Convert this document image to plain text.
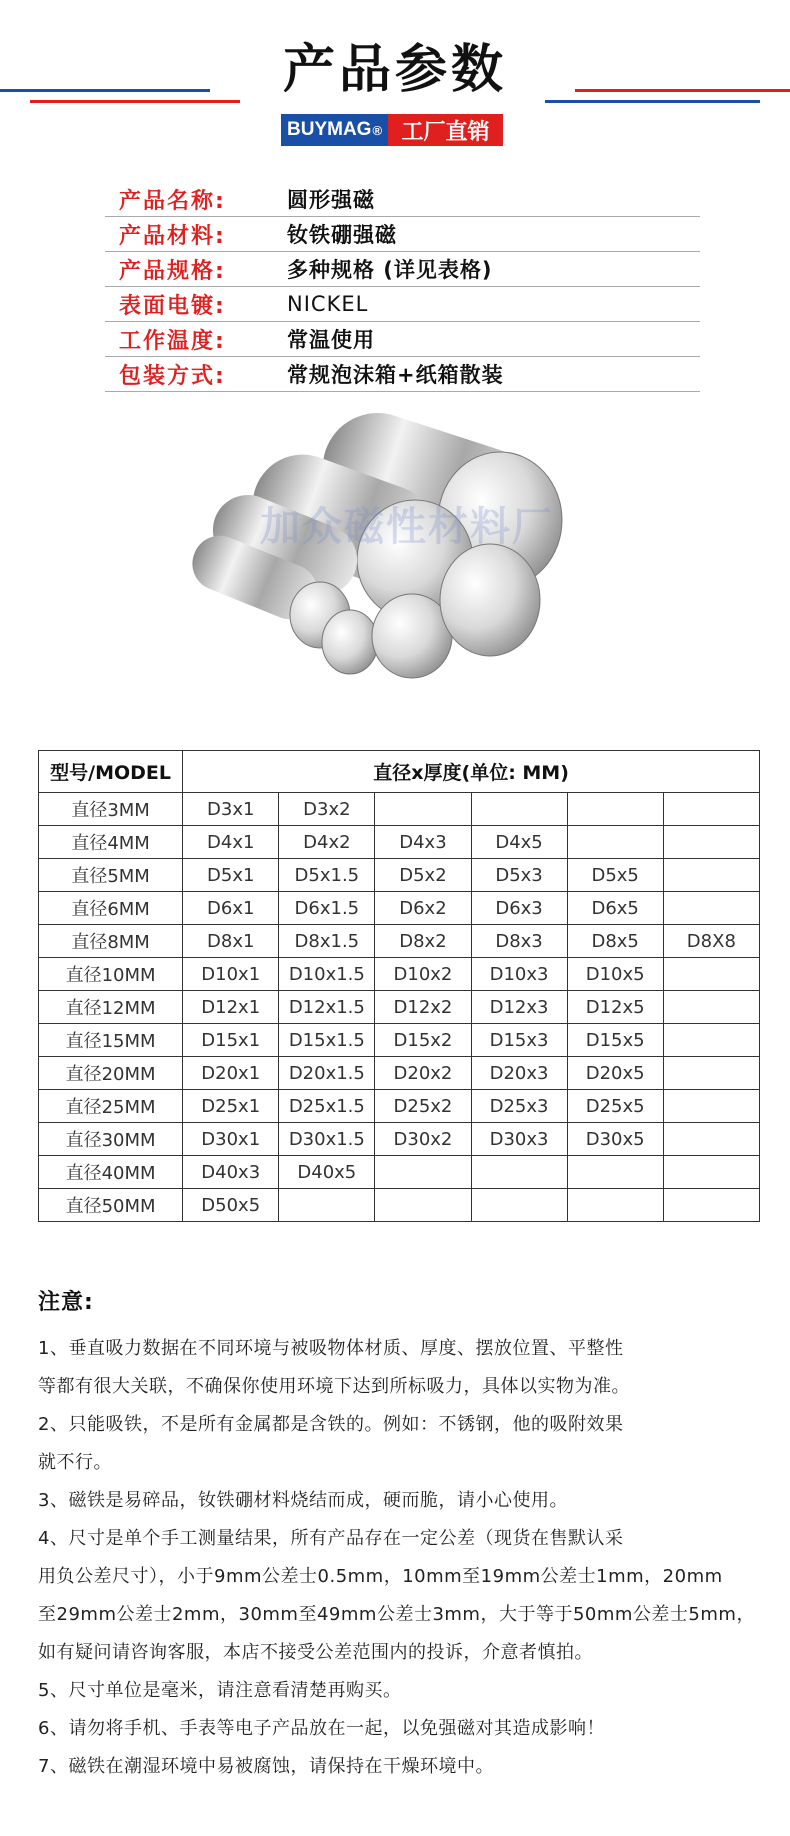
产品参数
BUYMAG ® 工厂直销
产品名称:	圆形强磁
产品材料:	钕铁硼强磁
产品规格:	多种规格 (详见表格)
表面电镀:	NICKEL
工作温度:	常温使用
包装方式:	常规泡沫箱+纸箱散装
加众磁性材料厂
型号/MODEL	直径x厚度(单位: MM)					
直径3MM	D3x1	D3x2				
直径4MM	D4x1	D4x2	D4x3	D4x5		
直径5MM	D5x1	D5x1.5	D5x2	D5x3	D5x5	
直径6MM	D6x1	D6x1.5	D6x2	D6x3	D6x5	
直径8MM	D8x1	D8x1.5	D8x2	D8x3	D8x5	D8X8
直径10MM	D10x1	D10x1.5	D10x2	D10x3	D10x5	
直径12MM	D12x1	D12x1.5	D12x2	D12x3	D12x5	
直径15MM	D15x1	D15x1.5	D15x2	D15x3	D15x5	
直径20MM	D20x1	D20x1.5	D20x2	D20x3	D20x5	
直径25MM	D25x1	D25x1.5	D25x2	D25x3	D25x5	
直径30MM	D30x1	D30x1.5	D30x2	D30x3	D30x5	
直径40MM	D40x3	D40x5				
直径50MM	D50x5					
注意:
1、垂直吸力数据在不同环境与被吸物体材质、厚度、摆放位置、平整性
等都有很大关联，不确保你使用环境下达到所标吸力，具体以实物为准。
2、只能吸铁，不是所有金属都是含铁的。例如：不锈钢，他的吸附效果
就不行。
3、磁铁是易碎品，钕铁硼材料烧结而成，硬而脆，请小心使用。
4、尺寸是单个手工测量结果，所有产品存在一定公差（现货在售默认采
用负公差尺寸），小于9mm公差士0.5mm，10mm至19mm公差士1mm，20mm
至29mm公差士2mm，30mm至49mm公差士3mm，大于等于50mm公差士5mm，
如有疑问请咨询客服，本店不接受公差范围内的投诉，介意者慎拍。
5、尺寸单位是毫米，请注意看清楚再购买。
6、请勿将手机、手表等电子产品放在一起，以免强磁对其造成影响！
7、磁铁在潮湿环境中易被腐蚀，请保持在干燥环境中。
